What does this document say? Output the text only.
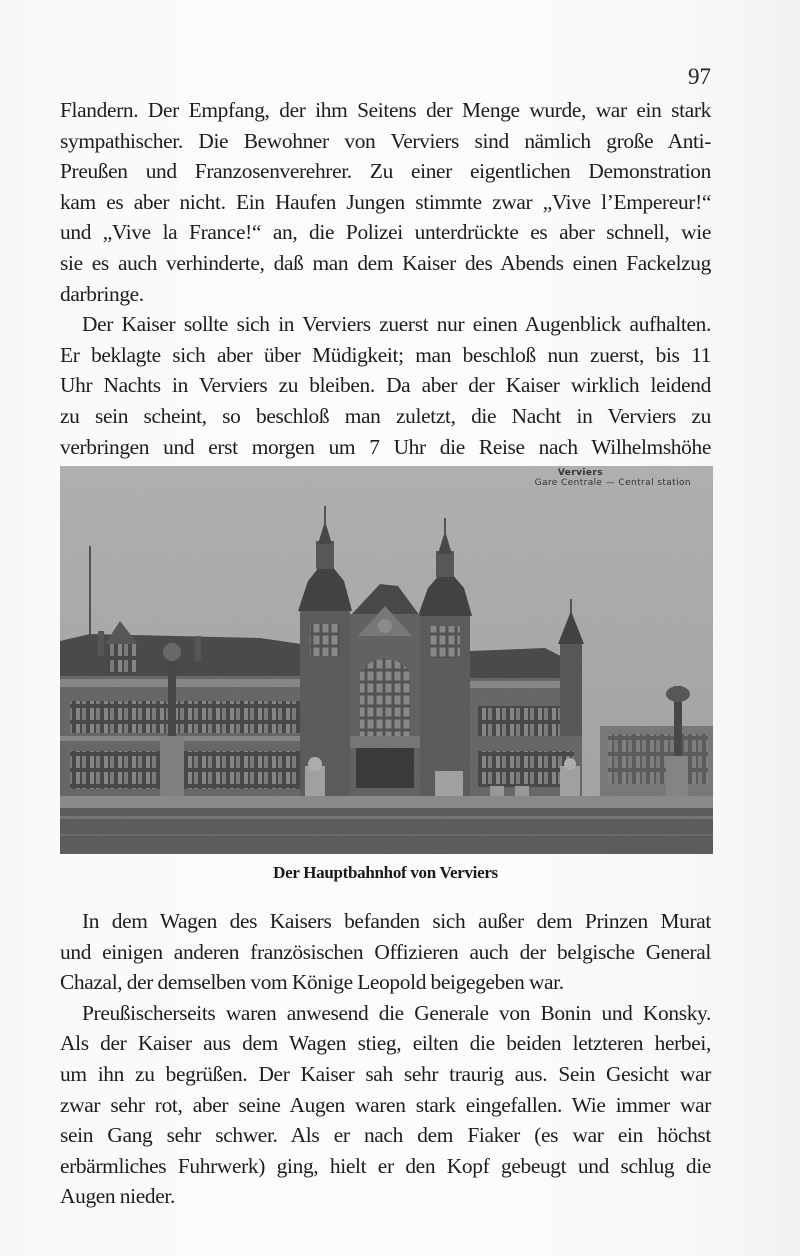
97
Flandern. Der Empfang, der ihm Seitens der Menge wurde, war ein stark
sympathischer. Die Bewohner von Verviers sind nämlich große Anti-
Preußen und Franzosenverehrer. Zu einer eigentlichen Demonstration
kam es aber nicht. Ein Haufen Jungen stimmte zwar „Vive l’Empereur!“
und „Vive la France!“ an, die Polizei unterdrückte es aber schnell, wie
sie es auch verhinderte, daß man dem Kaiser des Abends einen Fackelzug
darbringe.
Der Kaiser sollte sich in Verviers zuerst nur einen Augenblick aufhalten.
Er beklagte sich aber über Müdigkeit; man beschloß nun zuerst, bis 11
Uhr Nachts in Verviers zu bleiben. Da aber der Kaiser wirklich leidend
zu sein scheint, so beschloß man zuletzt, die Nacht in Verviers zu
verbringen und erst morgen um 7 Uhr die Reise nach Wilhelmshöhe
Verviers
Gare Centrale — Central station
Der Hauptbahnhof von Verviers
In dem Wagen des Kaisers befanden sich außer dem Prinzen Murat
und einigen anderen französischen Offizieren auch der belgische General
Chazal, der demselben vom Könige Leopold beigegeben war.
Preußischerseits waren anwesend die Generale von Bonin und Konsky.
Als der Kaiser aus dem Wagen stieg, eilten die beiden letzteren herbei,
um ihn zu begrüßen. Der Kaiser sah sehr traurig aus. Sein Gesicht war
zwar sehr rot, aber seine Augen waren stark eingefallen. Wie immer war
sein Gang sehr schwer. Als er nach dem Fiaker (es war ein höchst
erbärmliches Fuhrwerk) ging, hielt er den Kopf gebeugt und schlug die
Augen nieder.
